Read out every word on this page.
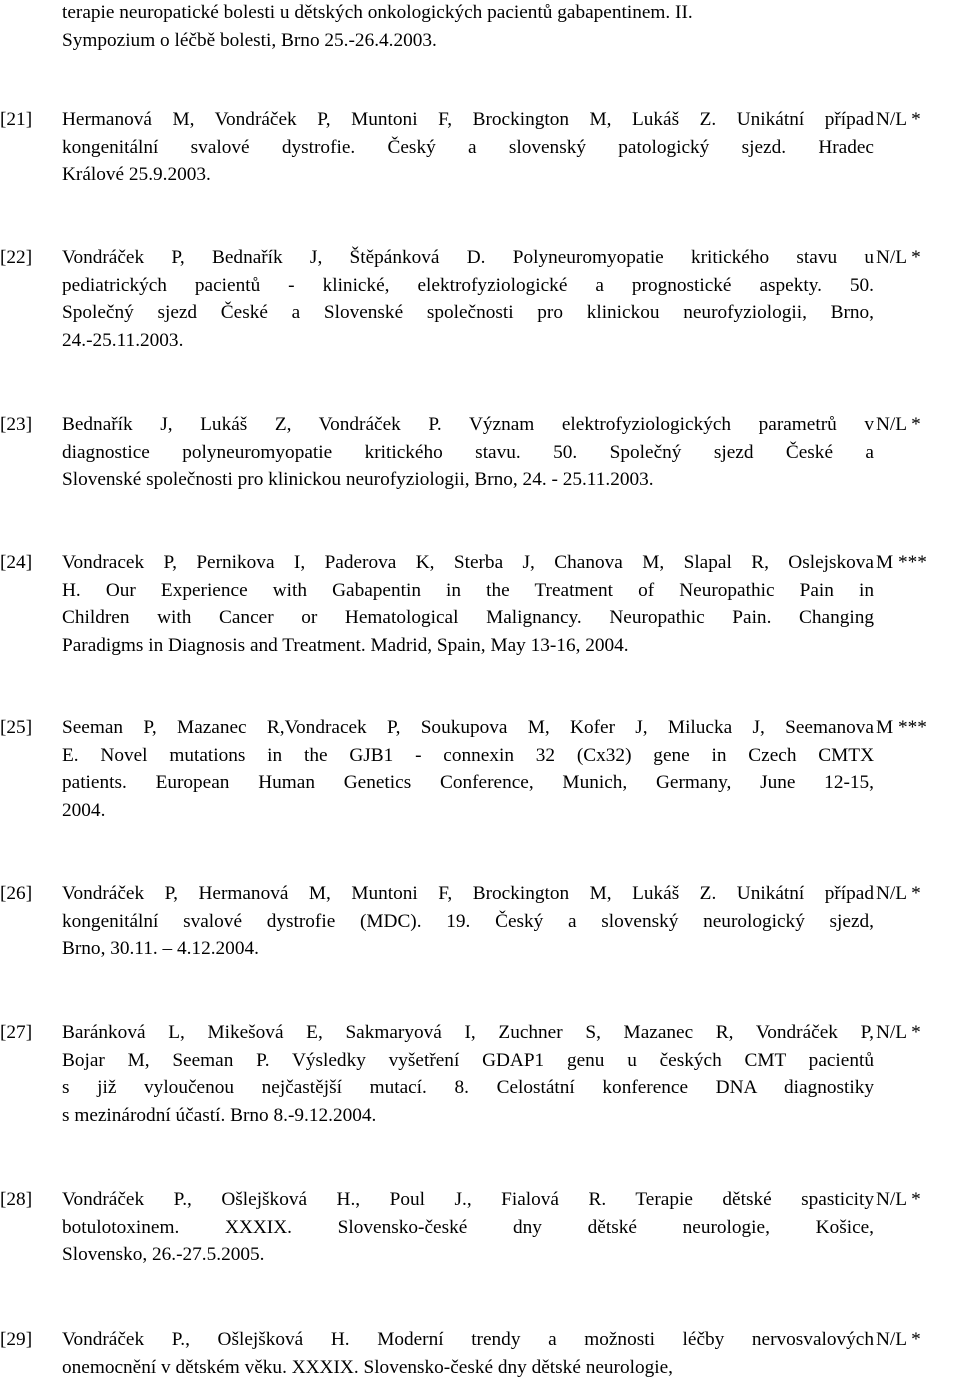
terapie neuropatické bolesti u dětských onkologických pacientů gabapentinem. II.
Sympozium o léčbě bolesti, Brno 25.-26.4.2003.
[21]	Hermanová M, Vondráček P, Muntoni F, Brockington M, Lukáš Z. Unikátní případ
kongenitální svalové dystrofie. Český a slovenský patologický sjezd. Hradec
Králové 25.9.2003.
N/L *
[22]	Vondráček P, Bednařík J, Štěpánková D. Polyneuromyopatie kritického stavu u
pediatrických pacientů - klinické, elektrofyziologické a prognostické aspekty. 50.
Společný sjezd České a Slovenské společnosti pro klinickou neurofyziologii, Brno,
24.-25.11.2003.
N/L *
[23]	Bednařík J, Lukáš Z, Vondráček P. Význam elektrofyziologických parametrů v
diagnostice polyneuromyopatie kritického stavu. 50. Společný sjezd České a
Slovenské společnosti pro klinickou neurofyziologii, Brno, 24. - 25.11.2003.
N/L *
[24]	Vondracek P, Pernikova I, Paderova K, Sterba J, Chanova M, Slapal R, Oslejskova
H. Our Experience with Gabapentin in the Treatment of Neuropathic Pain in
Children with Cancer or Hematological Malignancy. Neuropathic Pain. Changing
Paradigms in Diagnosis and Treatment. Madrid, Spain, May 13-16, 2004.
M ***
[25]	Seeman P, Mazanec R,Vondracek P, Soukupova M, Kofer J, Milucka J, Seemanova
E. Novel mutations in the GJB1 - connexin 32 (Cx32) gene in Czech CMTX
patients. European Human Genetics Conference, Munich, Germany, June 12-15,
2004.
M ***
[26]	Vondráček P, Hermanová M, Muntoni F, Brockington M, Lukáš Z. Unikátní případ
kongenitální svalové dystrofie (MDC). 19. Český a slovenský neurologický sjezd,
Brno, 30.11. – 4.12.2004.
N/L *
[27]	Baránková L, Mikešová E, Sakmaryová I, Zuchner S, Mazanec R, Vondráček P,
Bojar M, Seeman P. Výsledky vyšetření GDAP1 genu u českých CMT pacientů
s již vyloučenou nejčastější mutací. 8. Celostátní konference DNA diagnostiky
s mezinárodní účastí. Brno 8.-9.12.2004.
N/L *
[28]	Vondráček P., Ošlejšková H., Poul J., Fialová R. Terapie dětské spasticity
botulotoxinem. XXXIX. Slovensko-české dny dětské neurologie, Košice,
Slovensko, 26.-27.5.2005.
N/L *
[29]	Vondráček P., Ošlejšková H. Moderní trendy a možnosti léčby nervosvalových
onemocnění v dětském věku. XXXIX. Slovensko-české dny dětské neurologie,
N/L *
